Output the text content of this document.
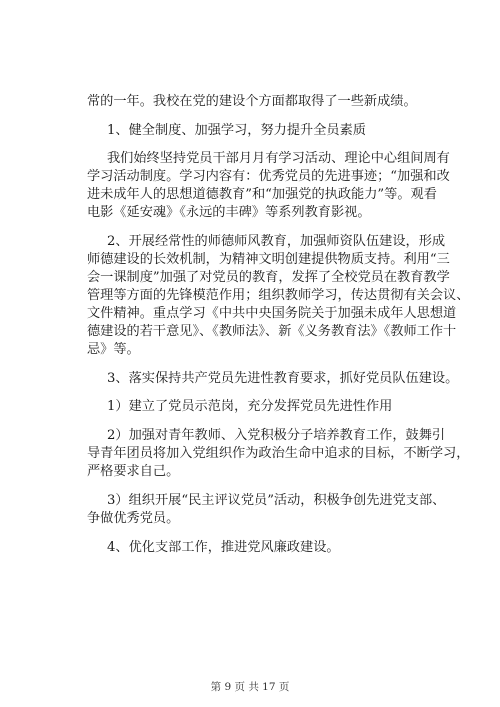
常的一年。我校在党的建设个方面都取得了一些新成绩。
1、健全制度、加强学习，努力提升全员素质
我们始终坚持党员干部月月有学习活动、理论中心组间周有
学习活动制度。学习内容有：优秀党员的先进事迹；“加强和改
进未成年人的思想道德教育”和“加强党的执政能力”等。观看
电影《延安魂》《永远的丰碑》等系列教育影视。
2、开展经常性的师德师风教育，加强师资队伍建设，形成
师德建设的长效机制，为精神文明创建提供物质支持。利用“三
会一课制度”加强了对党员的教育，发挥了全校党员在教育教学
管理等方面的先锋模范作用；组织教师学习，传达贯彻有关会议、
文件精神。重点学习《中共中央国务院关于加强未成年人思想道
德建设的若干意见》、《教师法》、新《义务教育法》《教师工作十
忌》等。
3、落实保持共产党员先进性教育要求，抓好党员队伍建设。
1）建立了党员示范岗，充分发挥党员先进性作用
2）加强对青年教师、入党积极分子培养教育工作，鼓舞引
导青年团员将加入党组织作为政治生命中追求的目标，不断学习，
严格要求自己。
3）组织开展“民主评议党员”活动，积极争创先进党支部、
争做优秀党员。
4、优化支部工作，推进党风廉政建设。
第 9 页 共 17 页
